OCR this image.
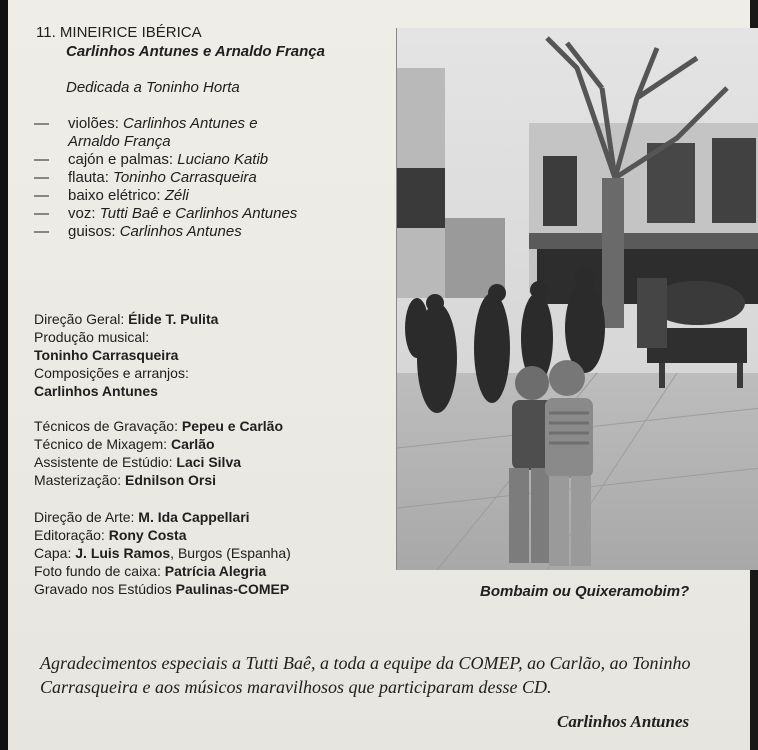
11. MINEIRICE IBÉRICA
Carlinhos Antunes e Arnaldo França
Dedicada a Toninho Horta
— violões: Carlinhos Antunes e
Arnaldo França
— cajón e palmas: Luciano Katib
— flauta: Toninho Carrasqueira
— baixo elétrico: Zéli
— voz: Tutti Baê e Carlinhos Antunes
— guisos: Carlinhos Antunes
Direção Geral: Élide T. Pulita
Produção musical:
Toninho Carrasqueira
Composições e arranjos:
Carlinhos Antunes
Técnicos de Gravação: Pepeu e Carlão
Técnico de Mixagem: Carlão
Assistente de Estúdio: Laci Silva
Masterização: Ednilson Orsi
Direção de Arte: M. Ida Cappellari
Editoração: Rony Costa
Capa: J. Luis Ramos, Burgos (Espanha)
Foto fundo de caixa: Patrícia Alegria
Gravado nos Estúdios Paulinas-COMEP	Bombaim ou Quixeramobim?
Agradecimentos especiais a Tutti Baê, a toda a equipe da COMEP, ao Carlão, ao Toninho Carrasqueira e aos músicos maravilhosos que participaram desse CD.
Carlinhos Antunes
